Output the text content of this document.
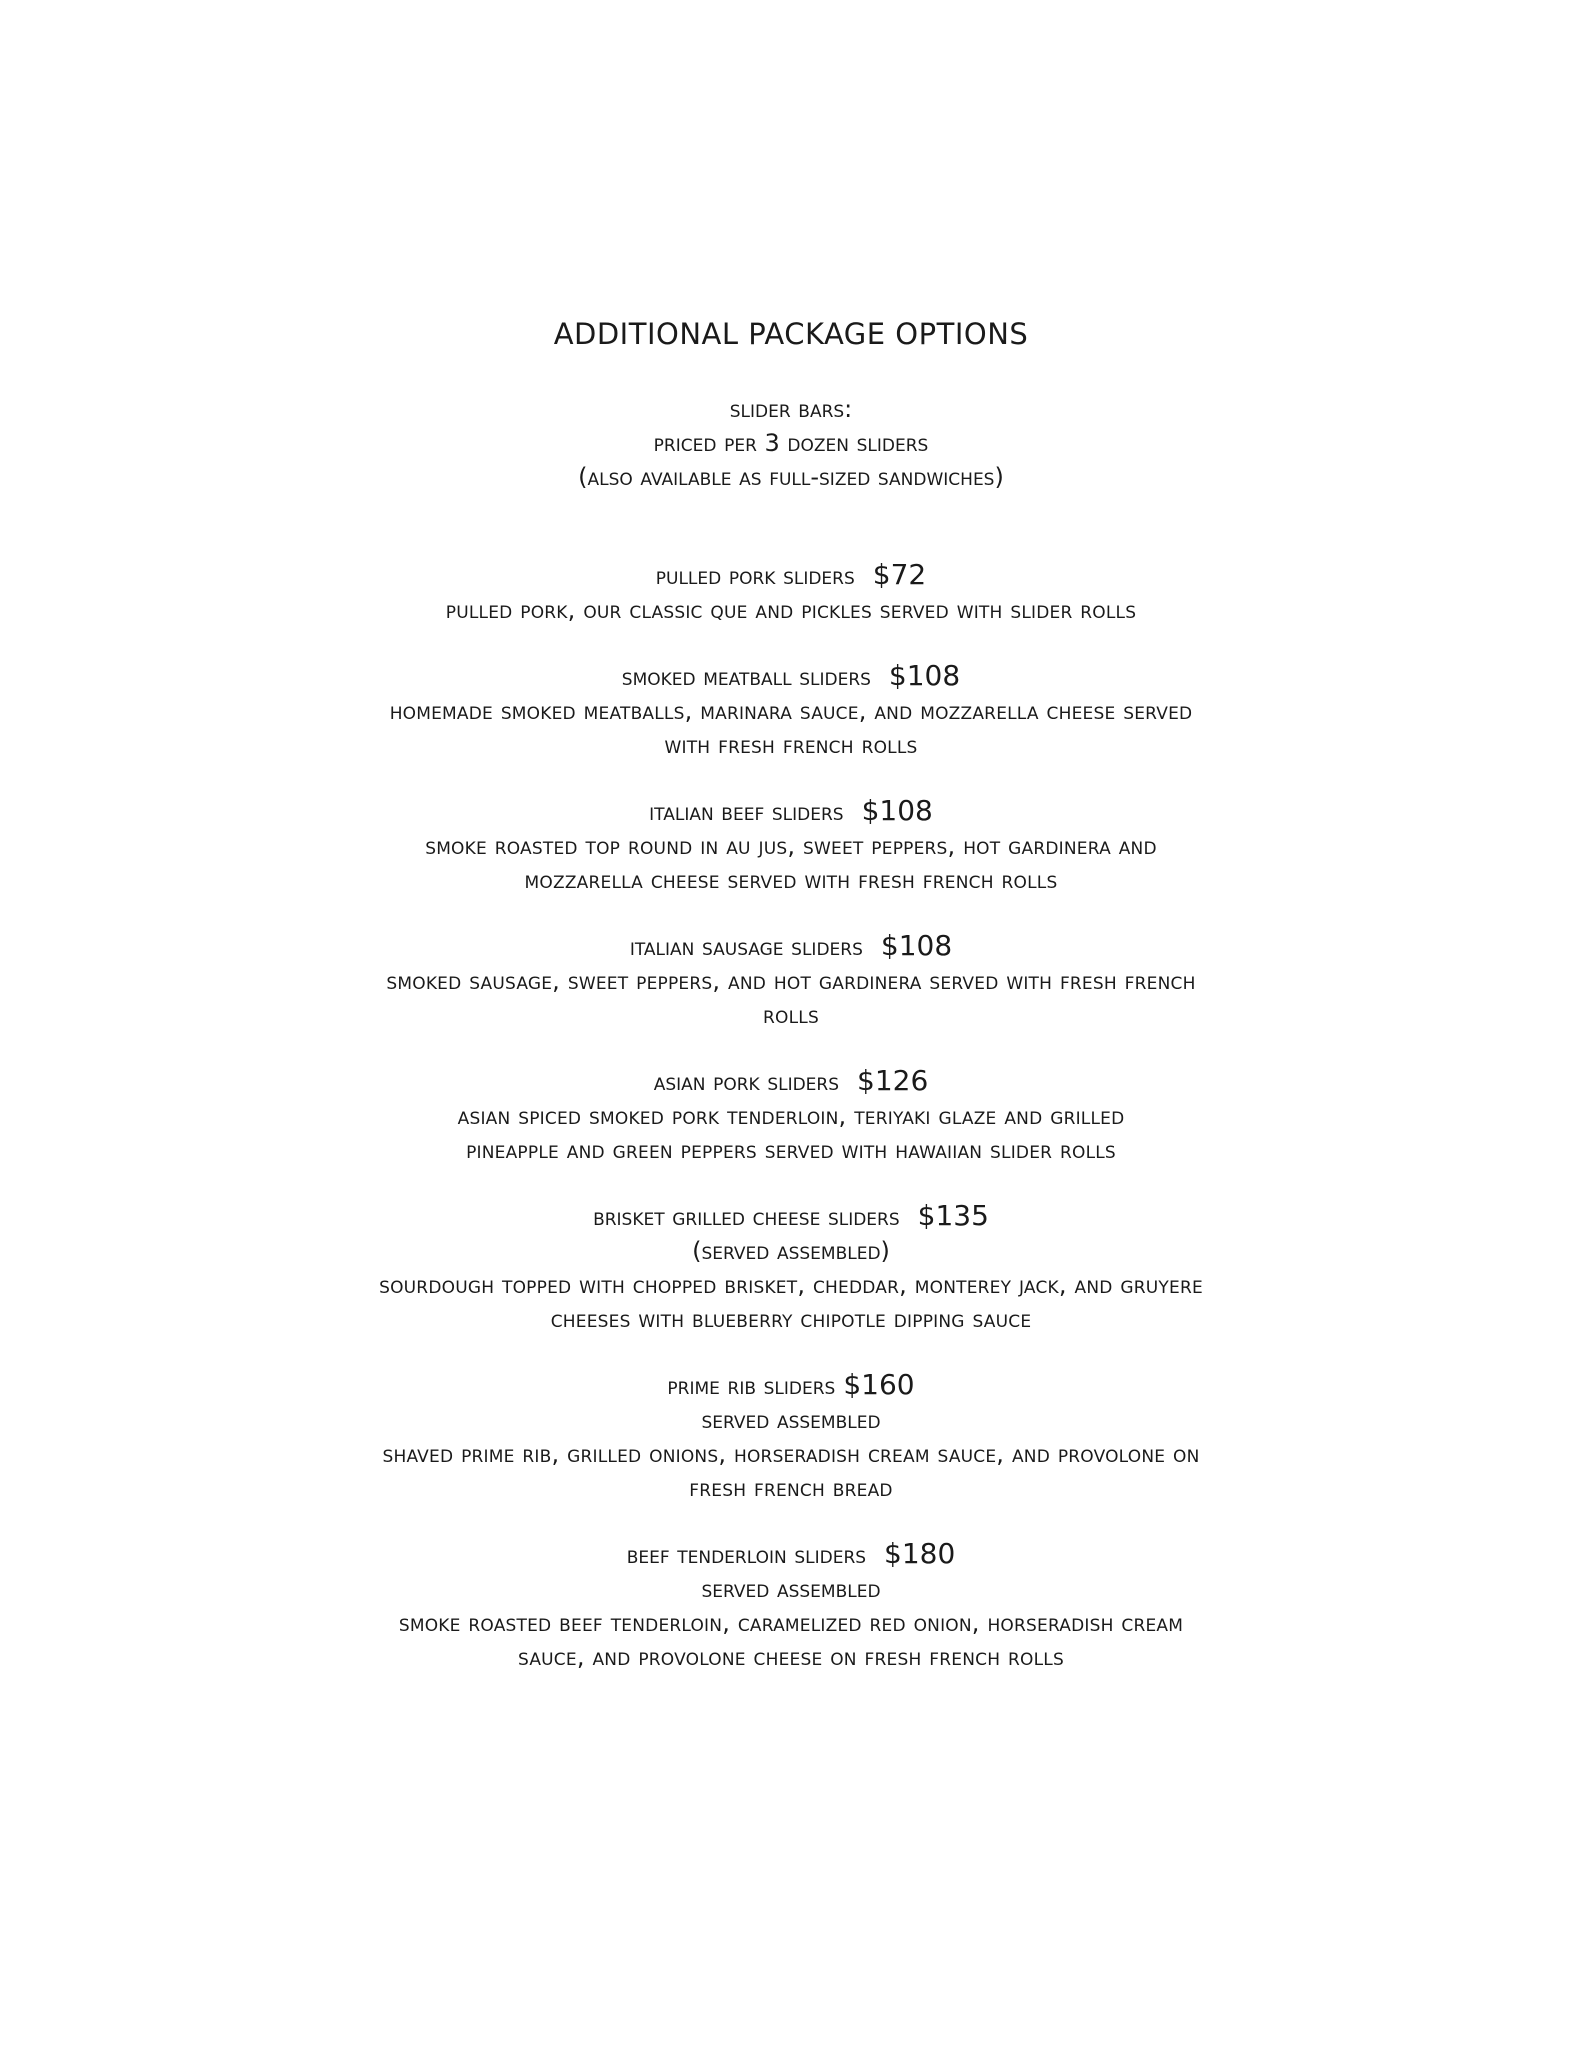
ADDITIONAL PACKAGE OPTIONS
slider bars:
priced per 3 dozen sliders
(also available as full-sized sandwiches)
pulled pork sliders $72
pulled pork, our classic que and pickles served with slider rolls
smoked meatball sliders $108
homemade smoked meatballs, marinara sauce, and mozzarella cheese served
with fresh french rolls
italian beef sliders $108
smoke roasted top round in au jus, sweet peppers, hot gardinera and
mozzarella cheese served with fresh french rolls
italian sausage sliders $108
smoked sausage, sweet peppers, and hot gardinera served with fresh french
rolls
asian pork sliders $126
asian spiced smoked pork tenderloin, teriyaki glaze and grilled
pineapple and green peppers served with hawaiian slider rolls
brisket grilled cheese sliders $135
(served assembled)
sourdough topped with chopped brisket, cheddar, monterey jack, and gruyere
cheeses with blueberry chipotle dipping sauce
prime rib sliders $160
served assembled
shaved prime rib, grilled onions, horseradish cream sauce, and provolone on
fresh french bread
beef tenderloin sliders $180
served assembled
smoke roasted beef tenderloin, caramelized red onion, horseradish cream
sauce, and provolone cheese on fresh french rolls
